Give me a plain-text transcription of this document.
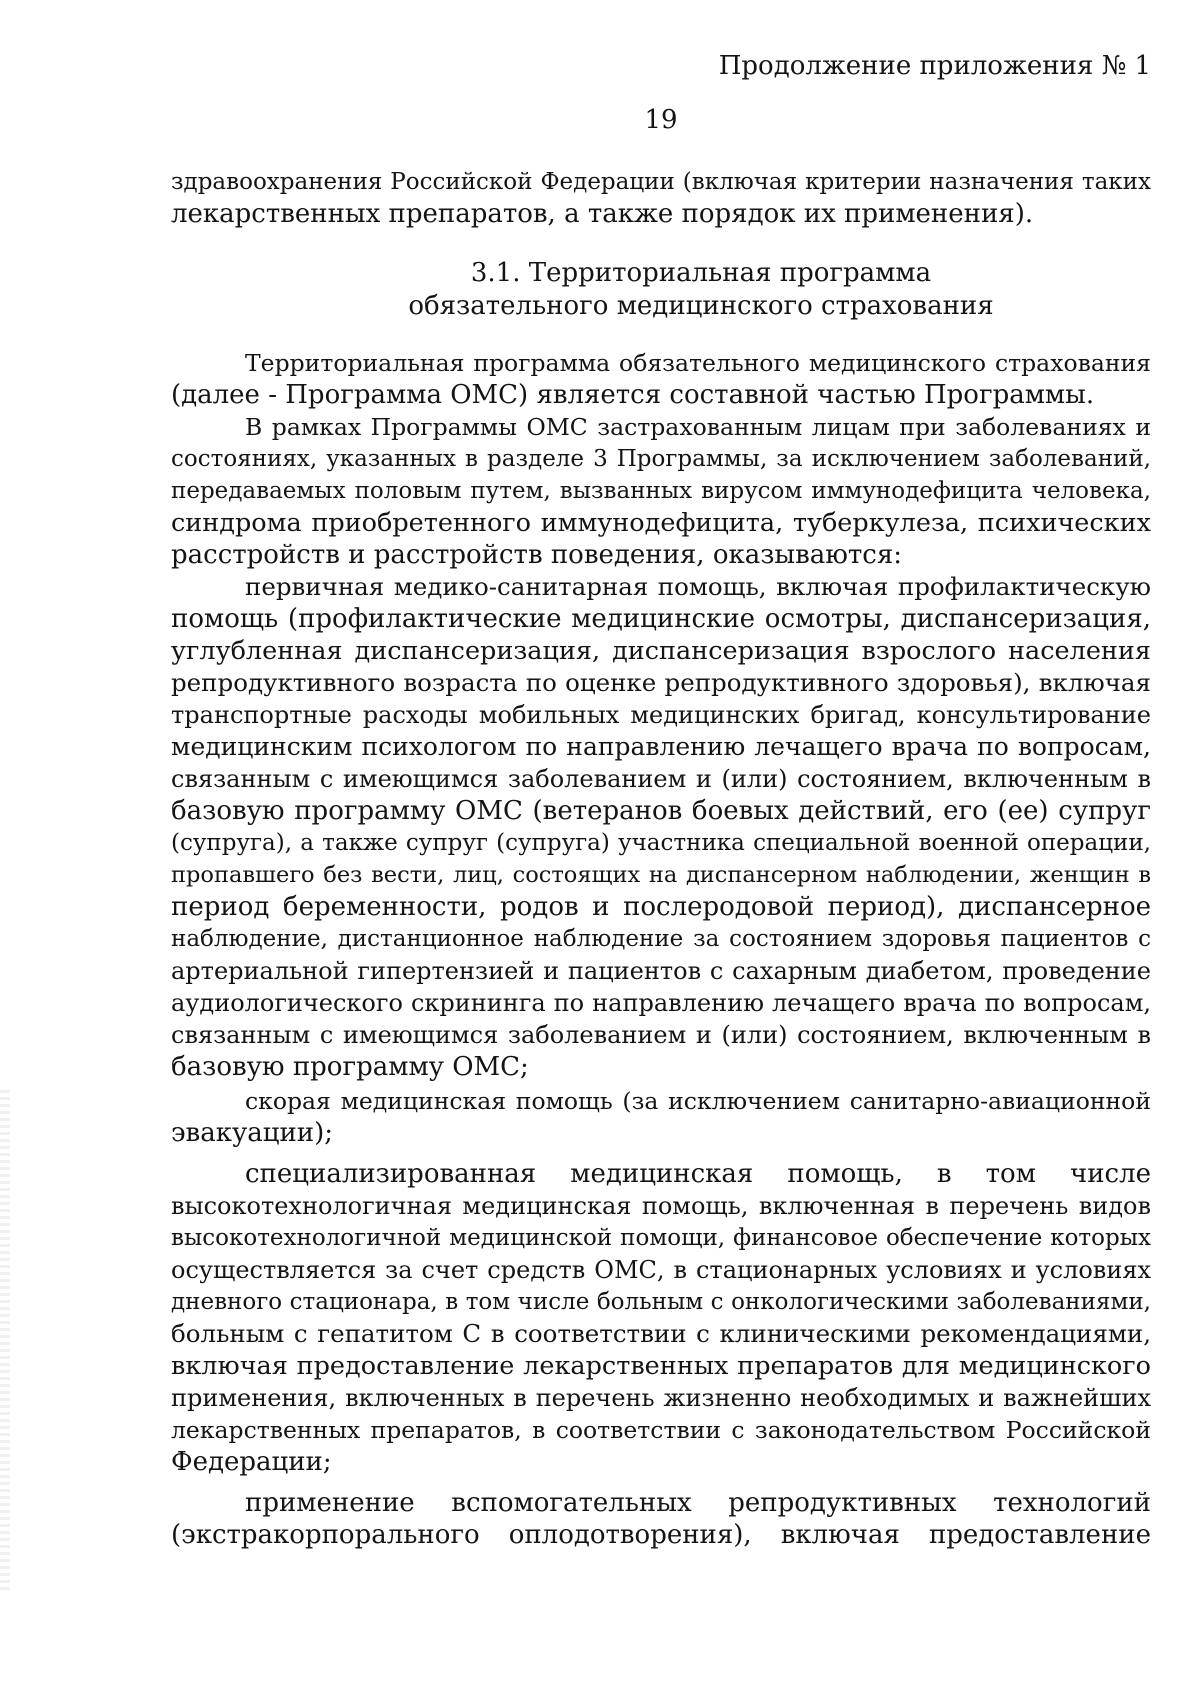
Продолжение приложения № 1
19
здравоохранения Российской Федерации (включая критерии назначения таких
лекарственных препаратов, а также порядок их применения).
3.1. Территориальная программа
обязательного медицинского страхования
Территориальная программа обязательного медицинского страхования
(далее - Программа ОМС) является составной частью Программы.
В рамках Программы ОМС застрахованным лицам при заболеваниях и
состояниях, указанных в разделе 3 Программы, за исключением заболеваний,
передаваемых половым путем, вызванных вирусом иммунодефицита человека,
синдрома приобретенного иммунодефицита, туберкулеза, психических
расстройств и расстройств поведения, оказываются:
первичная медико-санитарная помощь, включая профилактическую
помощь (профилактические медицинские осмотры, диспансеризация,
углубленная диспансеризация, диспансеризация взрослого населения
репродуктивного возраста по оценке репродуктивного здоровья), включая
транспортные расходы мобильных медицинских бригад, консультирование
медицинским психологом по направлению лечащего врача по вопросам,
связанным с имеющимся заболеванием и (или) состоянием, включенным в
базовую программу ОМС (ветеранов боевых действий, его (ее) супруг
(супруга), а также супруг (супруга) участника специальной военной операции,
пропавшего без вести, лиц, состоящих на диспансерном наблюдении, женщин в
период беременности, родов и послеродовой период), диспансерное
наблюдение, дистанционное наблюдение за состоянием здоровья пациентов с
артериальной гипертензией и пациентов с сахарным диабетом, проведение
аудиологического скрининга по направлению лечащего врача по вопросам,
связанным с имеющимся заболеванием и (или) состоянием, включенным в
базовую программу ОМС;
скорая медицинская помощь (за исключением санитарно-авиационной
эвакуации);
специализированная медицинская помощь, в том числе
высокотехнологичная медицинская помощь, включенная в перечень видов
высокотехнологичной медицинской помощи, финансовое обеспечение которых
осуществляется за счет средств ОМС, в стационарных условиях и условиях
дневного стационара, в том числе больным с онкологическими заболеваниями,
больным с гепатитом С в соответствии с клиническими рекомендациями,
включая предоставление лекарственных препаратов для медицинского
применения, включенных в перечень жизненно необходимых и важнейших
лекарственных препаратов, в соответствии с законодательством Российской
Федерации;
применение вспомогательных репродуктивных технологий
(экстракорпорального оплодотворения), включая предоставление
